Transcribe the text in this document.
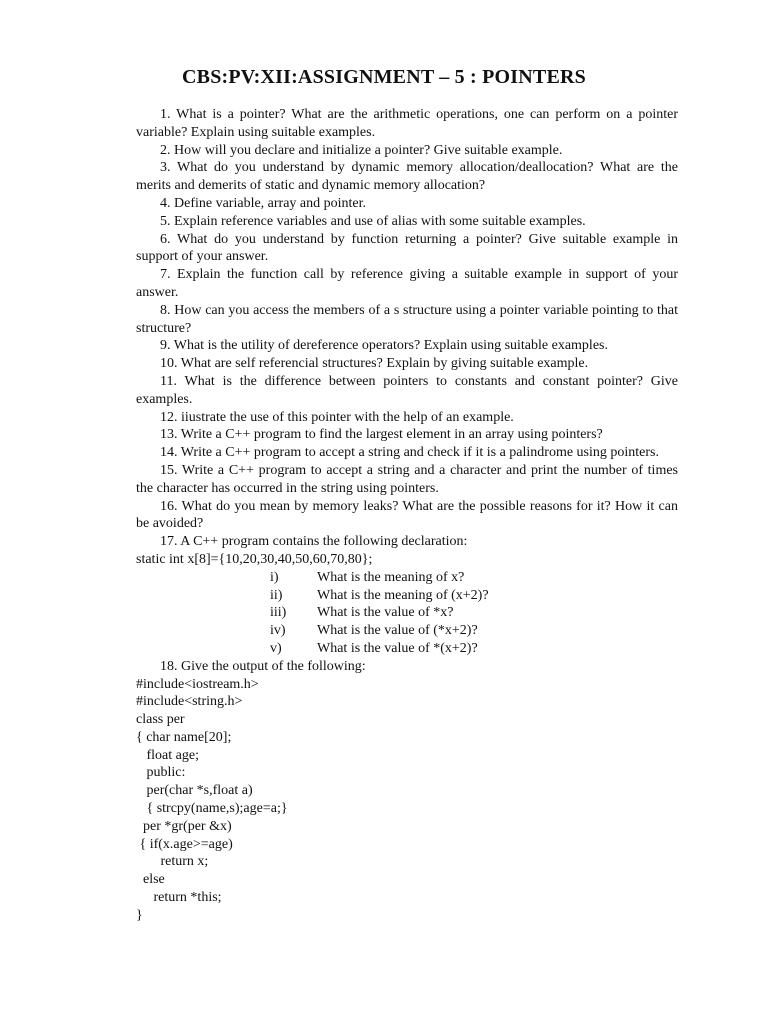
CBS:PV:XII:ASSIGNMENT – 5 : POINTERS

1. What is a pointer? What are the arithmetic operations, one can perform on a pointer variable? Explain using suitable examples.

2. How will you declare and initialize a pointer? Give suitable example.

3. What do you understand by dynamic memory allocation/deallocation? What are the merits and demerits of static and dynamic memory allocation?

4. Define variable, array and pointer.

5. Explain reference variables and use of alias with some suitable examples.

6. What do you understand by function returning a pointer? Give suitable example in support of your answer.

7. Explain the function call by reference giving a suitable example in support of your answer.

8. How can you access the members of a s structure using a pointer variable pointing to that structure?

9. What is the utility of dereference operators? Explain using suitable examples.

10. What are self referencial structures? Explain by giving suitable example.

11. What is the difference between pointers to constants and constant pointer? Give examples.

12. iiustrate the use of this pointer with the help of an example.

13. Write a C++ program to find the largest element in an array using pointers?

14. Write a C++ program to accept a string and check if it is a palindrome using pointers.

15. Write a C++ program to accept a string and a character and print the number of times the character has occurred in the string using pointers.

16. What do you mean by memory leaks? What are the possible reasons for it? How it can be avoided?

17. A C++ program contains the following declaration:

static int x[8]={10,20,30,40,50,60,70,80};

i)	What is the meaning of x?
ii) What is the meaning of (x+2)?
iii) What is the value of *x?
iv) What is the value of (*x+2)?
v)	What is the value of *(x+2)?

18. Give the output of the following:

#include<iostream.h>

#include<string.h>

class per

{ char name[20];

float age;

public:

per(char *s,float a)

{ strcpy(name,s);age=a;}

per *gr(per &x)

{ if(x.age>=age)

return x;

else

return *this;

}
